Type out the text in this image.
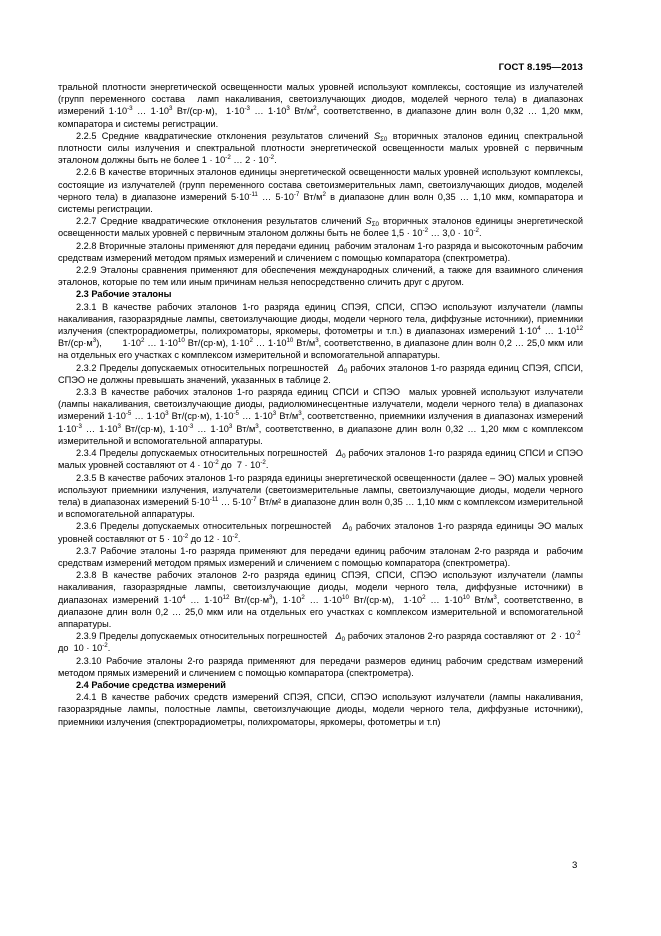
ГОСТ 8.195—2013

тральной плотности энергетической освещенности малых уровней используют комплексы, состоящие из излучателей (групп переменного состава  ламп накаливания, светоизлучающих диодов, моделей черного тела) в диапазонах измерений $1\cdot 10^{-3}$ … $1\cdot 10^3$ Вт/(ср·м),  $1\cdot 10^{-3}$ … $1\cdot 10^3$ $Вт/м^2$, соответственно, в диапазоне длин волн 0,32 … 1,20 мкм, компаратора и системы регистрации.

2.2.5 Средние квадратические отклонения результатов сличений $S_{\Sigma 0}$ вторичных эталонов единиц спектральной плотности силы излучения и спектральной плотности энергетической освещенности малых уровней с первичным эталоном должны быть не более $1 \cdot 10^{-2}$ … $2 \cdot 10^{-2}$.

2.2.6 В качестве вторичных эталонов единицы энергетической освещенности малых уровней используют комплексы, состоящие из излучателей (групп переменного состава светоизмерительных ламп, светоизлучающих диодов, моделей черного тела) в диапазоне измерений $5\cdot 10^{-11}$ … $5\cdot 10^{-7}$ $Вт/м^2$ в диапазоне длин волн 0,35 … 1,10 мкм, компаратора и системы регистрации.

2.2.7 Средние квадратические отклонения результатов сличений $S_{\Sigma 0}$ вторичных эталонов единицы энергетической освещенности малых уровней с первичным эталоном должны быть не более $1,5 \cdot 10^{-2}$ … $3,0 \cdot 10^{-2}$.

2.2.8 Вторичные эталоны применяют для передачи единиц  рабочим эталонам 1-го разряда и высокоточным рабочим средствам измерений методом прямых измерений и сличением с помощью компаратора (спектрометра).

2.2.9 Эталоны сравнения применяют для обеспечения международных сличений, а также для взаимного сличения эталонов, которые по тем или иным причинам нельзя непосредственно сличить друг с другом.

2.3 Рабочие эталоны

2.3.1 В качестве рабочих эталонов 1-го разряда единиц СПЭЯ, СПСИ, СПЭО используют излучатели (лампы накаливания, газоразрядные лампы, светоизлучающие диоды, модели черного тела, диффузные источники), приемники излучения (спектрорадиометры, полихроматоры, яркомеры, фотометры и т.п.) в диапазонах измерений $1\cdot 10^4$ … $1\cdot 10^{12}$ $Вт/(ср\cdot м^3)$,       $1\cdot 10^2$ … $1\cdot 10^{10}$ Вт/(ср·м), $1\cdot 10^2$ … $1\cdot 10^{10}$ $Вт/м^3$, соответственно, в диапазоне длин волн 0,2 … 25,0 мкм или на отдельных его участках с комплексом измерительной и вспомогательной аппаратуры.

2.3.2 Пределы допускаемых относительных погрешностей   $\Delta_0$ рабочих эталонов 1-го разряда единиц СПЭЯ, СПСИ, СПЭО не должны превышать значений, указанных в таблице 2.

2.3.3 В качестве рабочих эталонов 1-го разряда единиц СПСИ и СПЭО  малых уровней используют излучатели (лампы накаливания, светоизлучающие диоды, радиолюминесцентные излучатели, модели черного тела) в диапазонах измерений $1\cdot 10^{-5}$ … $1\cdot 10^3$ Вт/(ср·м), $1\cdot 10^{-5}$ … $1\cdot 10^3$ $Вт/м^3$, соответственно, приемники излучения в диапазонах измерений $1\cdot 10^{-3}$ … $1\cdot 10^3$ Вт/(ср·м), $1\cdot 10^{-3}$ … $1\cdot 10^3$ $Вт/м^3$, соответственно, в диапазоне длин волн 0,32 … 1,20 мкм с комплексом измерительной и вспомогательной аппаратуры.

2.3.4 Пределы допускаемых относительных погрешностей   $\Delta_0$ рабочих эталонов 1-го разряда единиц СПСИ и СПЭО малых уровней составляют от $4 \cdot 10^{-2}$ до  $7 \cdot 10^{-2}$.

2.3.5 В качестве рабочих эталонов 1-го разряда единицы энергетической освещенности (далее – ЭО) малых уровней используют приемники излучения, излучатели (светоизмерительные лампы, светоизлучающие диоды, модели черного тела) в диапазонах измерений $5\cdot 10^{-11}$ … $5\cdot 10^{-7}$ Вт/м² в диапазоне длин волн 0,35 … 1,10 мкм с комплексом измерительной и вспомогательной аппаратуры.

2.3.6 Пределы допускаемых относительных погрешностей   $\Delta_0$ рабочих эталонов 1-го разряда единицы ЭО малых уровней составляют от $5 \cdot 10^{-2}$ до $12 \cdot 10^{-2}$.

2.3.7 Рабочие эталоны 1-го разряда применяют для передачи единиц рабочим эталонам 2-го разряда и  рабочим средствам измерений методом прямых измерений и сличением с помощью компаратора (спектрометра).

2.3.8 В качестве рабочих эталонов 2-го разряда единиц СПЭЯ, СПСИ, СПЭО используют излучатели (лампы накаливания, газоразрядные лампы, светоизлучающие диоды, модели черного тела, диффузные источники) в диапазонах измерений $1\cdot 10^4$ … $1\cdot 10^{12}$ $Вт/(ср\cdot м^3)$, $1\cdot 10^2$ … $1\cdot 10^{10}$ Вт/(ср·м),  $1\cdot 10^2$ … $1\cdot 10^{10}$ $Вт/м^3$, соответственно, в диапазоне длин волн 0,2 … 25,0 мкм или на отдельных его участках с комплексом измерительной и вспомогательной аппаратуры.

2.3.9 Пределы допускаемых относительных погрешностей   $\Delta_0$ рабочих эталонов 2-го разряда составляют от  $2 \cdot 10^{-2}$  до  $10 \cdot 10^{-2}$.

2.3.10 Рабочие эталоны 2-го разряда применяют для передачи размеров единиц рабочим средствам измерений методом прямых измерений и сличением с помощью компаратора (спектрометра).

2.4 Рабочие средства измерений

2.4.1 В качестве рабочих средств измерений СПЭЯ, СПСИ, СПЭО используют излучатели (лампы накаливания, газоразрядные лампы, полостные лампы, светоизлучающие диоды, модели черного тела, диффузные источники), приемники излучения (спектрорадиометры, полихроматоры, яркомеры, фотометры и т.п)

3
